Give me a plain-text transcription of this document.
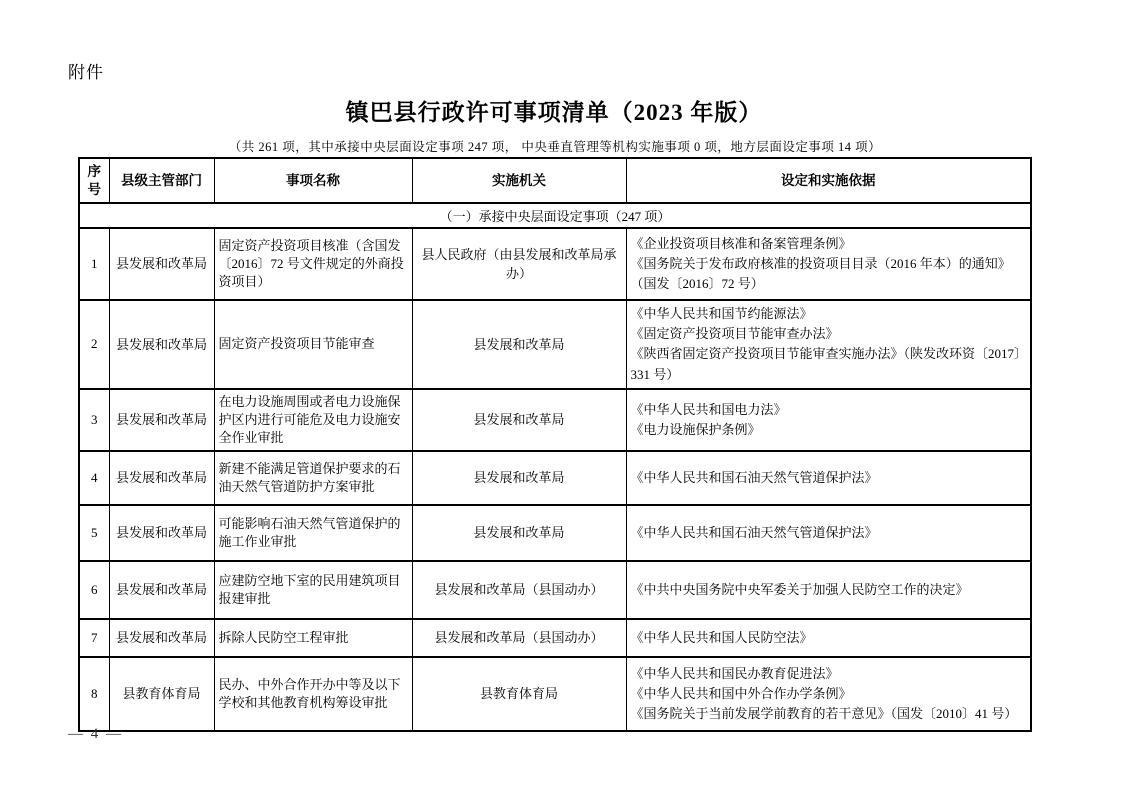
附件
镇巴县行政许可事项清单（2023 年版）
（共 261 项，其中承接中央层面设定事项 247 项， 中央垂直管理等机构实施事项 0 项，地方层面设定事项 14 项）
序号	县级主管部门	事项名称	实施机关	设定和实施依据
（一）承接中央层面设定事项（247 项）				
1	县发展和改革局	固定资产投资项目核准（含国发〔2016〕72 号文件规定的外商投资项目）	县人民政府（由县发展和改革局承办）	《企业投资项目核准和备案管理条例》
《国务院关于发布政府核准的投资项目目录（2016 年本）的通知》（国发〔2016〕72 号）

2	县发展和改革局	固定资产投资项目节能审查	县发展和改革局	《中华人民共和国节约能源法》
《固定资产投资项目节能审查办法》
《陕西省固定资产投资项目节能审查实施办法》（陕发改环资〔2017〕331 号）

3	县发展和改革局	在电力设施周围或者电力设施保护区内进行可能危及电力设施安全作业审批	县发展和改革局	《中华人民共和国电力法》
《电力设施保护条例》

4	县发展和改革局	新建不能满足管道保护要求的石油天然气管道防护方案审批	县发展和改革局	《中华人民共和国石油天然气管道保护法》

5	县发展和改革局	可能影响石油天然气管道保护的施工作业审批	县发展和改革局	《中华人民共和国石油天然气管道保护法》

6	县发展和改革局	应建防空地下室的民用建筑项目报建审批	县发展和改革局（县国动办）	《中共中央国务院中央军委关于加强人民防空工作的决定》

7	县发展和改革局	拆除人民防空工程审批	县发展和改革局（县国动办）	《中华人民共和国人民防空法》

8	县教育体育局	民办、中外合作开办中等及以下学校和其他教育机构筹设审批	县教育体育局	《中华人民共和国民办教育促进法》
《中华人民共和国中外合作办学条例》
《国务院关于当前发展学前教育的若干意见》（国发〔2010〕41 号）
— 4 —
